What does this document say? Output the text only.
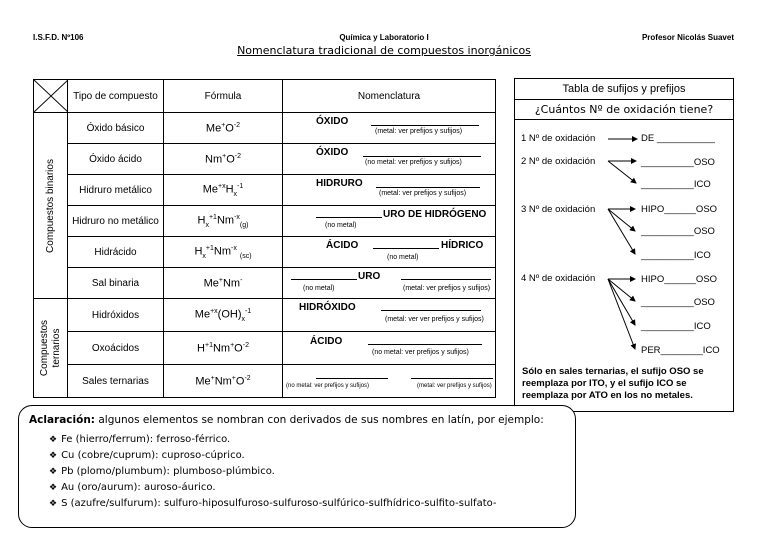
I.S.F.D. Nº106	Química y Laboratorio I	Profesor Nicolás Suavet
Nomenclatura tradicional de compuestos inorgánicos
	Tipo de compuesto	Fórmula	Nomenclatura

Compuestos binarios	Óxido básico	$Me^+O^{-2}$	ÓXIDO
(metal: ver prefijos y sufijos)

	Óxido ácido	$Nm^+O^{-2}$	ÓXIDO
(no metal: ver prefijos y sufijos)

	Hidruro metálico	$Me^{+x}H_x^{-1}$	HIDRURO
(metal: ver prefijos y sufijos)

	Hidruro no metálico	$H_x^{+1}Nm^{-x}_{(g)}$	URO DE HIDRÓGENO
(no metal)

	Hidrácido	$H_x^{+1}Nm^{-x}$ $_{(sc)}$	ÁCIDO HÍDRICO
(no metal)

	Sal binaria	Me+Nm-	URO
(no metal) (metal: ver prefijos y sufijos)

Compuestos ternarios	Hidróxidos	$Me^{+x}(OH)_x^{-1}$	HIDRÓXIDO
(metal: ver ver prefijos y sufijos)

	Oxoácidos	$H^{+1}Nm^+O^{-2}$	ÁCIDO
(no metal: ver prefijos y sufijos)

	Sales ternarias	$Me^+Nm^+O^{-2}$	(no metal: ver prefijos y sufijos) (metal: ver prefijos y sufijos)
Tabla de sufijos y prefijos
¿Cuántos Nº de oxidación tiene?
1 Nº de oxidación	DE ___________
2 Nº de oxidación	__________OSO
__________ICO
3 Nº de oxidación	HIPO______OSO
__________OSO
__________ICO
4 Nº de oxidación	HIPO______OSO
__________OSO
__________ICO
PER________ICO
Sólo en sales ternarias, el sufijo OSO se reemplaza por ITO, y el sufijo ICO se reemplaza por ATO en los no metales.
Aclaración: algunos elementos se nombran con derivados de sus nombres en latín, por ejemplo:
❖ Fe (hierro/ferrum): ferroso-férrico.
❖ Cu (cobre/cuprum): cuproso-cúprico.
❖ Pb (plomo/plumbum): plumboso-plúmbico.
❖ Au (oro/aurum): auroso-áurico.
❖ S (azufre/sulfurum): sulfuro-hiposulfuroso-sulfuroso-sulfúrico-sulfhídrico-sulfito-sulfato-
